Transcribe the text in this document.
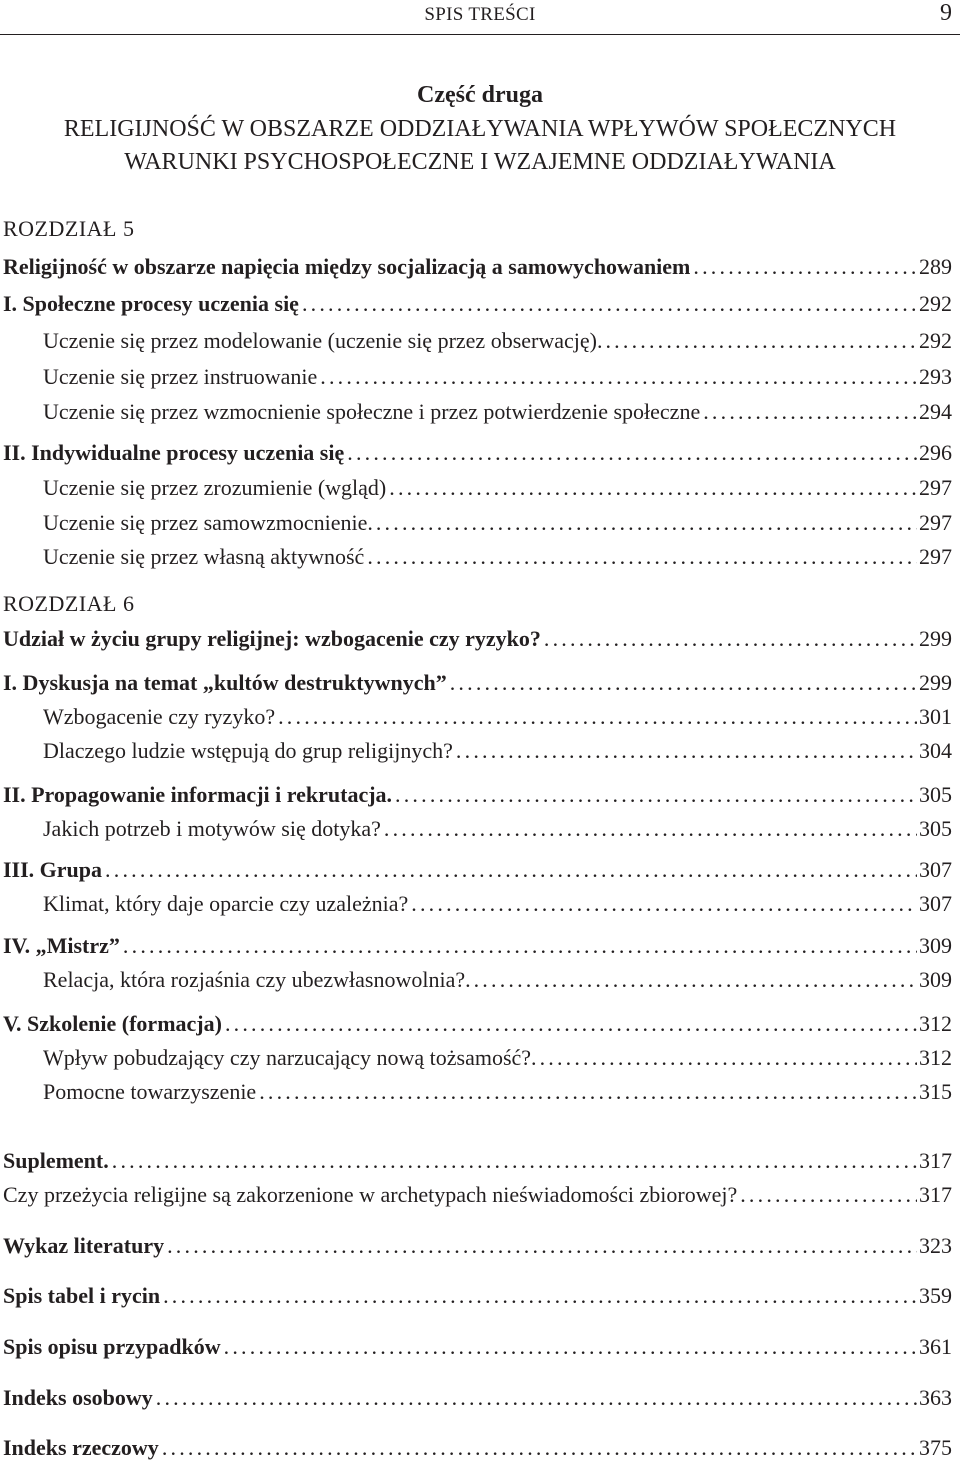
SPIS TREŚCI	9
Część druga
RELIGIJNOŚĆ W OBSZARZE ODDZIAŁYWANIA WPŁYWÓW SPOŁECZNYCH
WARUNKI PSYCHOSPOŁECZNE I WZAJEMNE ODDZIAŁYWANIA
ROZDZIAŁ 5
Religijność w obszarze napięcia między socjalizacją a samowychowaniem .....	289
I. Społeczne procesy uczenia się .....	292
Uczenie się przez modelowanie (uczenie się przez obserwację). .....	292
Uczenie się przez instruowanie .....	293
Uczenie się przez wzmocnienie społeczne i przez potwierdzenie społeczne .....	294
II. Indywidualne procesy uczenia się .....	296
Uczenie się przez zrozumienie (wgląd) .....	297
Uczenie się przez samowzmocnienie. .....	297
Uczenie się przez własną aktywność .....	297
ROZDZIAŁ 6
Udział w życiu grupy religijnej: wzbogacenie czy ryzyko? .....	299
I. Dyskusja na temat „kultów destruktywnych” .....	299
Wzbogacenie czy ryzyko? .....	301
Dlaczego ludzie wstępują do grup religijnych? .....	304
II. Propagowanie informacji i rekrutacja. .....	305
Jakich potrzeb i motywów się dotyka? .....	305
III. Grupa .....	307
Klimat, który daje oparcie czy uzależnia? .....	307
IV. „Mistrz” .....	309
Relacja, która rozjaśnia czy ubezwłasnowolnia?. .....	309
V. Szkolenie (formacja) .....	312
Wpływ pobudzający czy narzucający nową tożsamość?. .....	312
Pomocne towarzyszenie .....	315
Suplement. .....	317
Czy przeżycia religijne są zakorzenione w archetypach nieświadomości zbiorowej? .....	317
Wykaz literatury .....	323
Spis tabel i rycin .....	359
Spis opisu przypadków .....	361
Indeks osobowy .....	363
Indeks rzeczowy .....	375
